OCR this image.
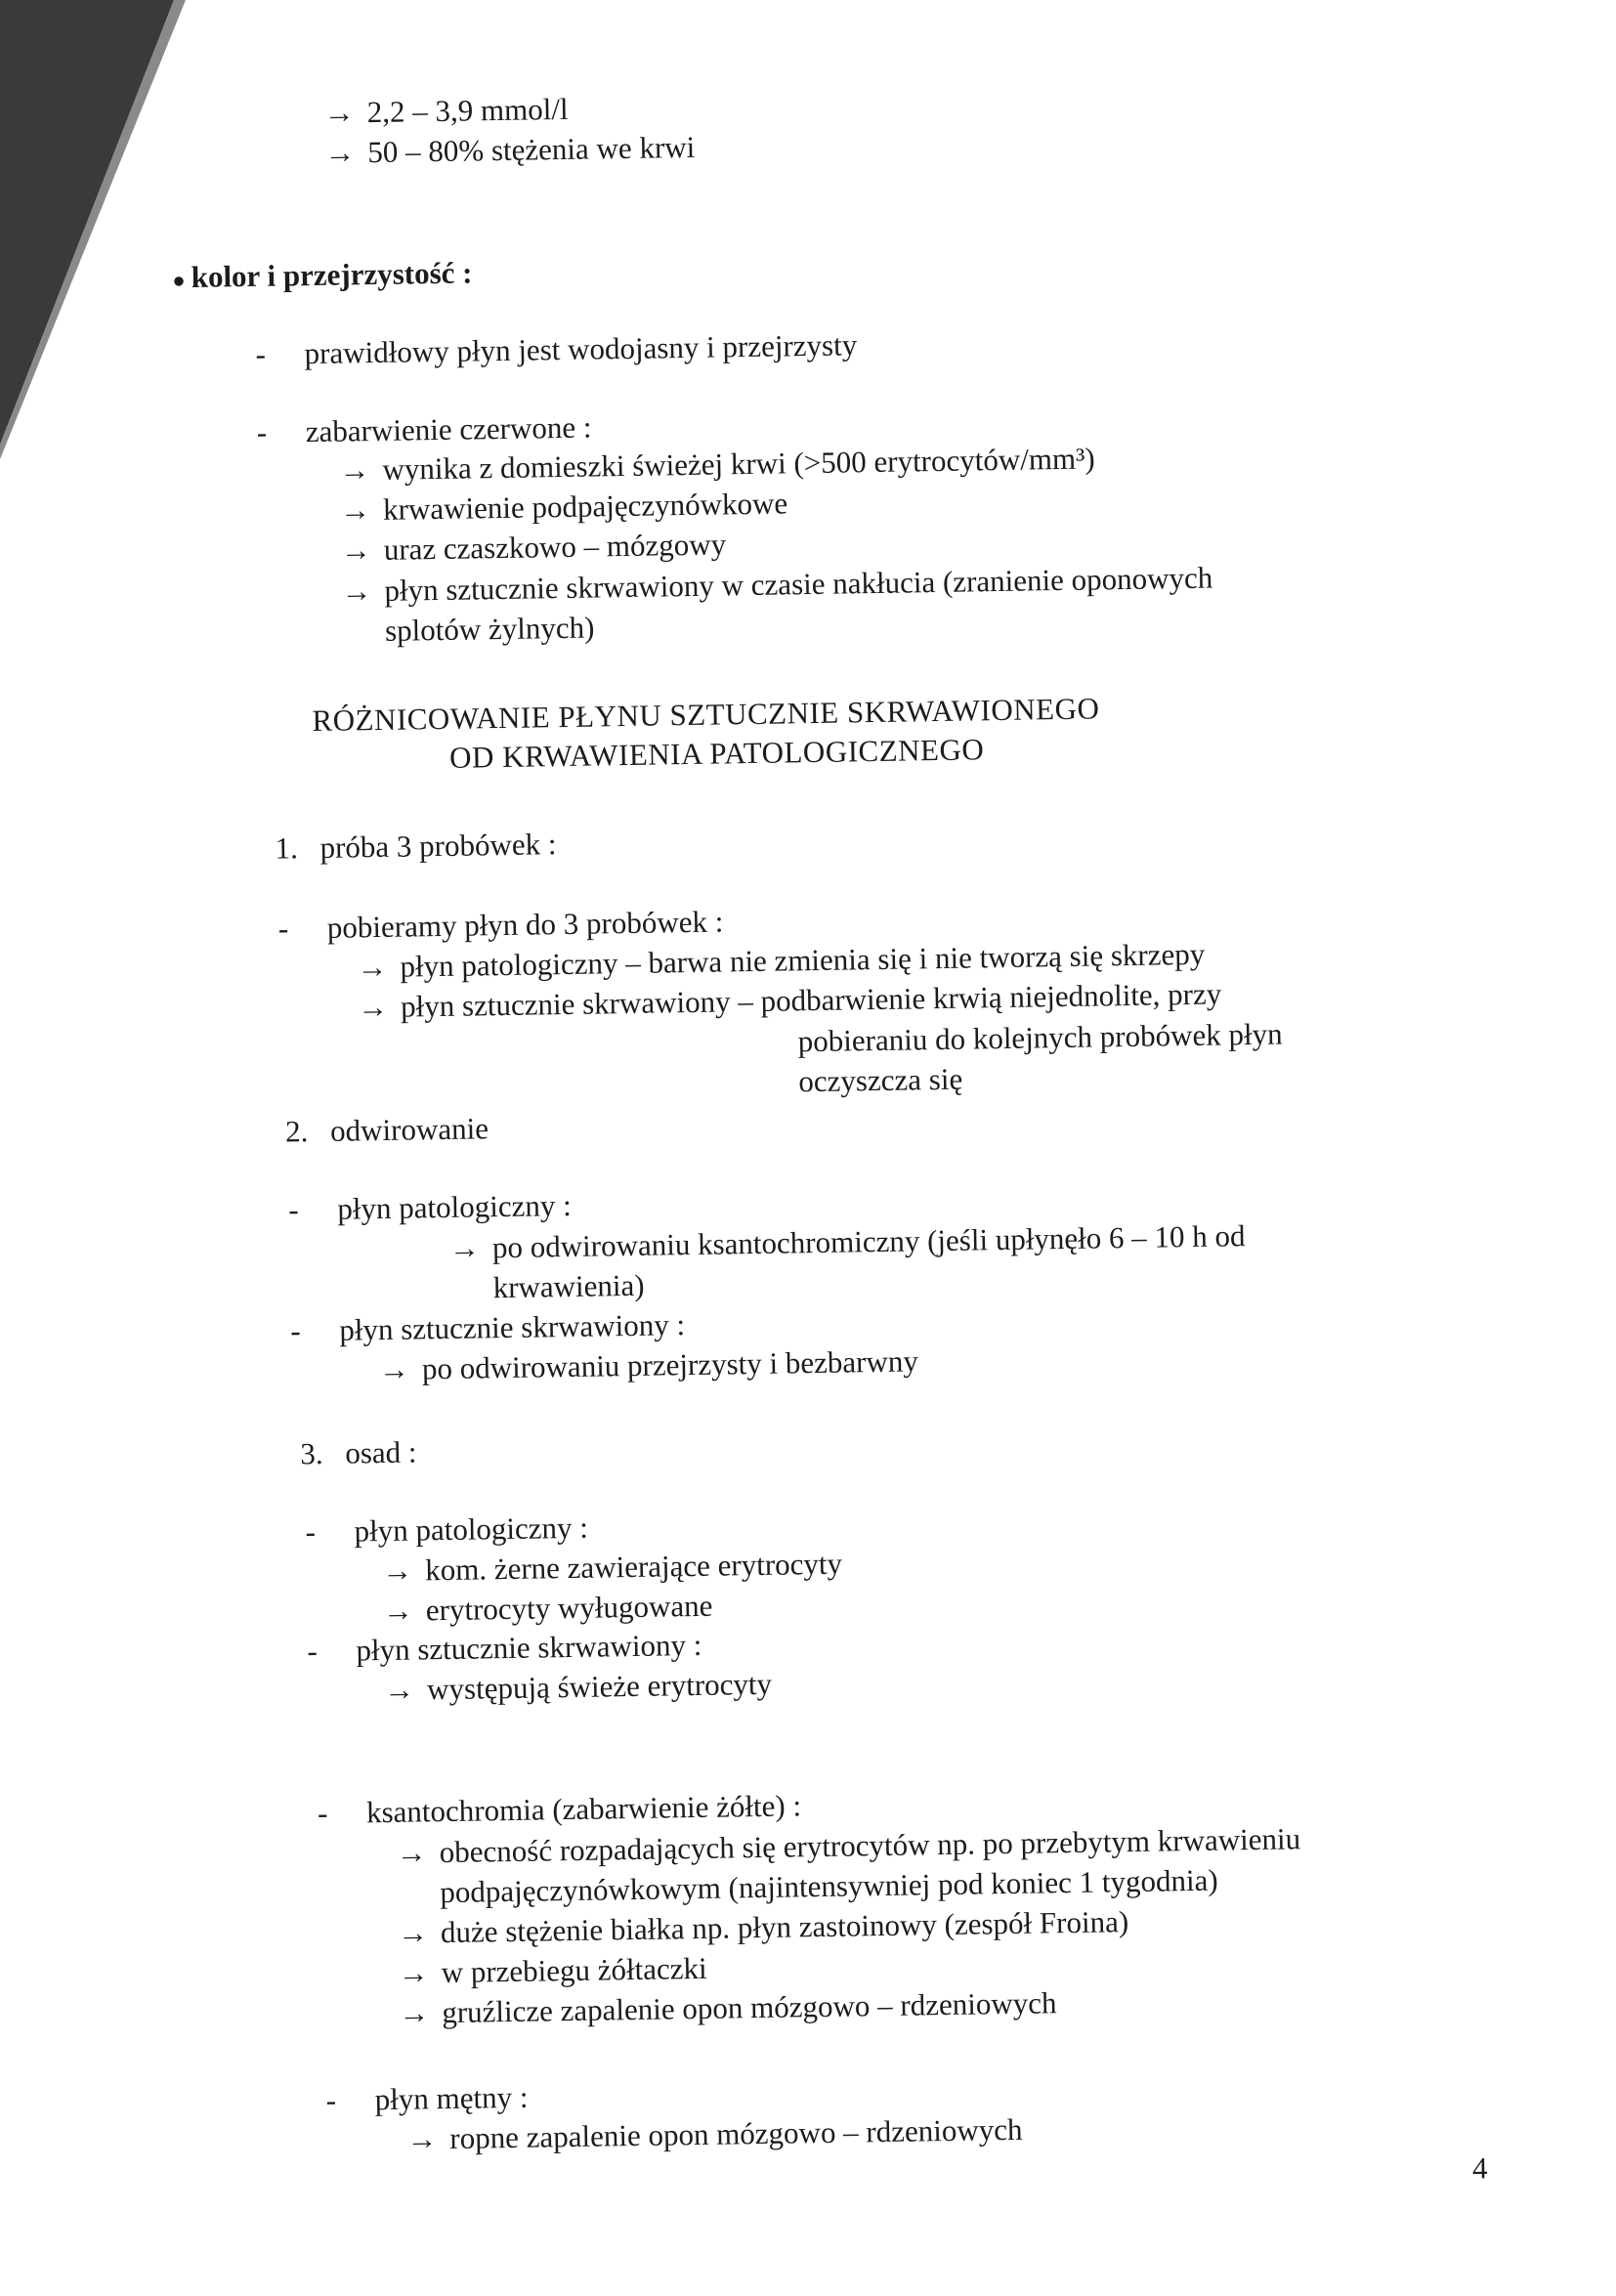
→ 2,2 – 3,9 mmol/l
→ 50 – 80% stężenia we krwi
● kolor i przejrzystość :
- prawidłowy płyn jest wodojasny i przejrzysty
- zabarwienie czerwone :
→ wynika z domieszki świeżej krwi (>500 erytrocytów/mm³)
→ krwawienie podpajęczynówkowe
→ uraz czaszkowo – mózgowy
→ płyn sztucznie skrwawiony w czasie nakłucia (zranienie oponowych
splotów żylnych)
RÓŻNICOWANIE PŁYNU SZTUCZNIE SKRWAWIONEGO
OD KRWAWIENIA PATOLOGICZNEGO
1. próba 3 probówek :
- pobieramy płyn do 3 probówek :
→ płyn patologiczny – barwa nie zmienia się i nie tworzą się skrzepy
→ płyn sztucznie skrwawiony – podbarwienie krwią niejednolite, przy
pobieraniu do kolejnych probówek płyn
oczyszcza się
2. odwirowanie
- płyn patologiczny :
→ po odwirowaniu ksantochromiczny (jeśli upłynęło 6 – 10 h od
krwawienia)
- płyn sztucznie skrwawiony :
→ po odwirowaniu przejrzysty i bezbarwny
3. osad :
- płyn patologiczny :
→ kom. żerne zawierające erytrocyty
→ erytrocyty wyługowane
- płyn sztucznie skrwawiony :
→ występują świeże erytrocyty
- ksantochromia (zabarwienie żółte) :
→ obecność rozpadających się erytrocytów np. po przebytym krwawieniu
podpajęczynówkowym (najintensywniej pod koniec 1 tygodnia)
→ duże stężenie białka np. płyn zastoinowy (zespół Froina)
→ w przebiegu żółtaczki
→ gruźlicze zapalenie opon mózgowo – rdzeniowych
- płyn mętny :
→ ropne zapalenie opon mózgowo – rdzeniowych
4
